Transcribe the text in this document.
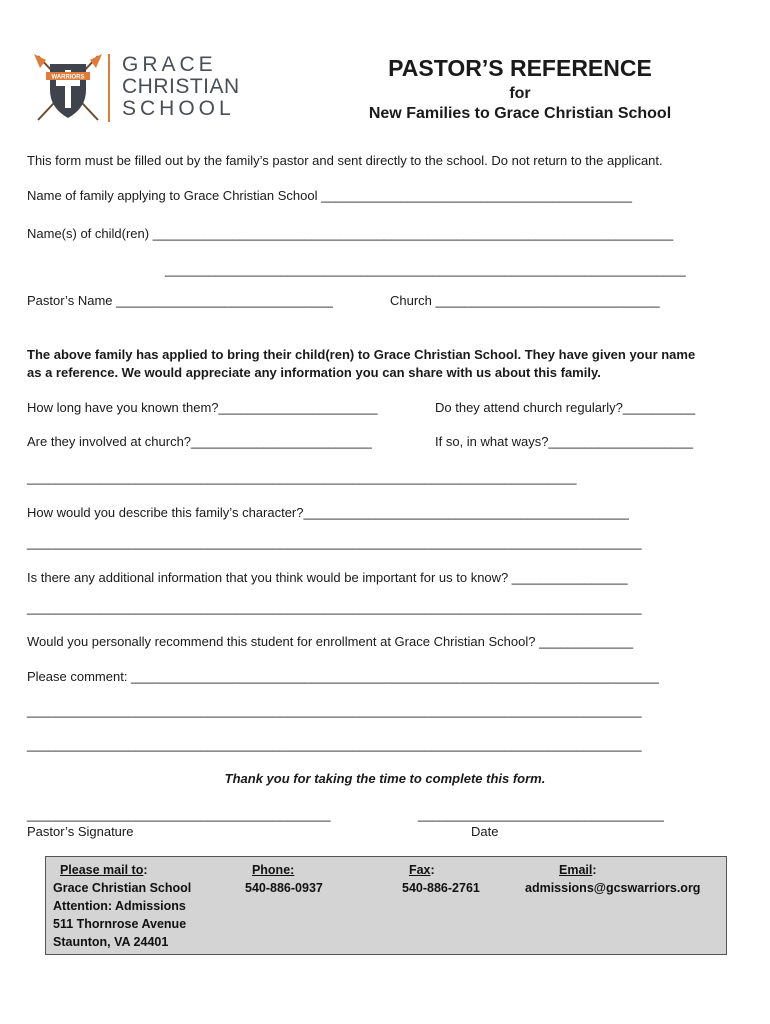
WARRIORS
GRACE
CHRISTIAN
SCHOOL
PASTOR’S REFERENCE
for
New Families to Grace Christian School
This form must be filled out by the family’s pastor and sent directly to the school. Do not return to the applicant.
Name of family applying to Grace Christian School ___________________________________________
Name(s) of child(ren) ________________________________________________________________________
________________________________________________________________________
Pastor’s Name ______________________________	Church _______________________________
The above family has applied to bring their child(ren) to Grace Christian School. They have given your name
as a reference. We would appreciate any information you can share with us about this family.
How long have you known them?______________________	Do they attend church regularly?__________
Are they involved at church?_________________________	If so, in what ways?____________________
____________________________________________________________________________
How would you describe this family’s character?_____________________________________________
_____________________________________________________________________________________
Is there any additional information that you think would be important for us to know? ________________
_____________________________________________________________________________________
Would you personally recommend this student for enrollment at Grace Christian School? _____________
Please comment: _________________________________________________________________________
_____________________________________________________________________________________
_____________________________________________________________________________________
Thank you for taking the time to complete this form.
__________________________________________
Pastor’s Signature
__________________________________
Date
Please mail to:
Grace Christian School
Attention: Admissions
511 Thornrose Avenue
Staunton, VA 24401
Phone:
540-886-0937
Fax:
540-886-2761
Email:
admissions@gcswarriors.org
